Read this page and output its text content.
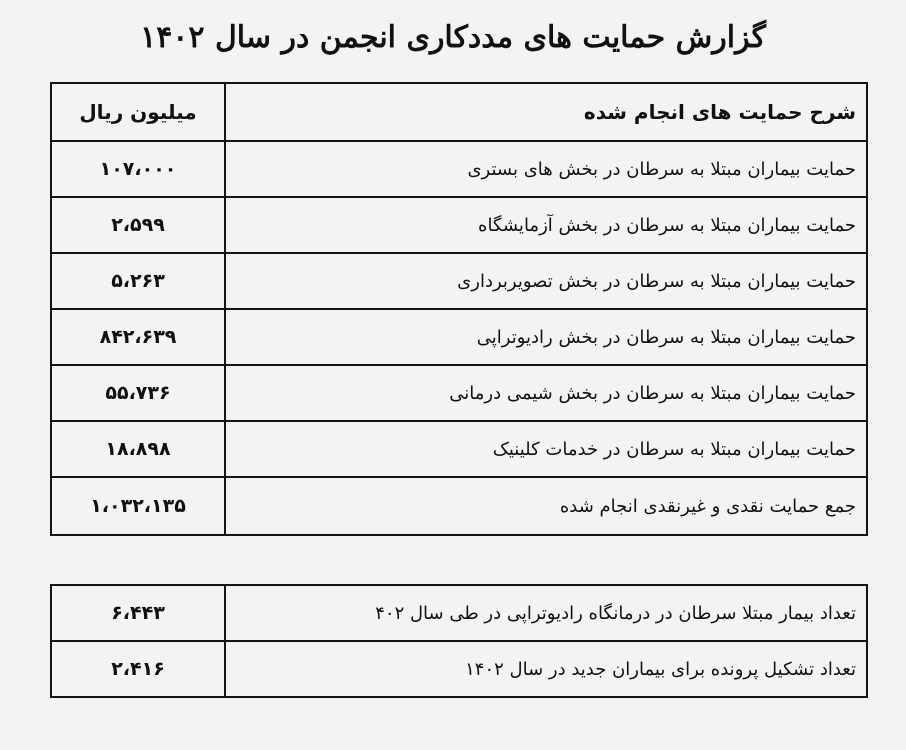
گزارش حمایت های مددکاری انجمن در سال ۱۴۰۲
شرح حمایت های انجام شده	میلیون ریال
حمایت بیماران مبتلا به سرطان در بخش های بستری	۱۰۷،۰۰۰
حمایت بیماران مبتلا به سرطان در بخش آزمایشگاه	۲،۵۹۹
حمایت بیماران مبتلا به سرطان در بخش تصویربرداری	۵،۲۶۳
حمایت بیماران مبتلا به سرطان در بخش رادیوتراپی	۸۴۲،۶۳۹
حمایت بیماران مبتلا به سرطان در بخش شیمی درمانی	۵۵،۷۳۶
حمایت بیماران مبتلا به سرطان در خدمات کلینیک	۱۸،۸۹۸
جمع حمایت نقدی و غیرنقدی انجام شده	۱،۰۳۲،۱۳۵
تعداد بیمار مبتلا سرطان در درمانگاه رادیوتراپی در طی سال ۴۰۲	۶،۴۴۳
تعداد تشکیل پرونده برای بیماران جدید در سال ۱۴۰۲	۲،۴۱۶
